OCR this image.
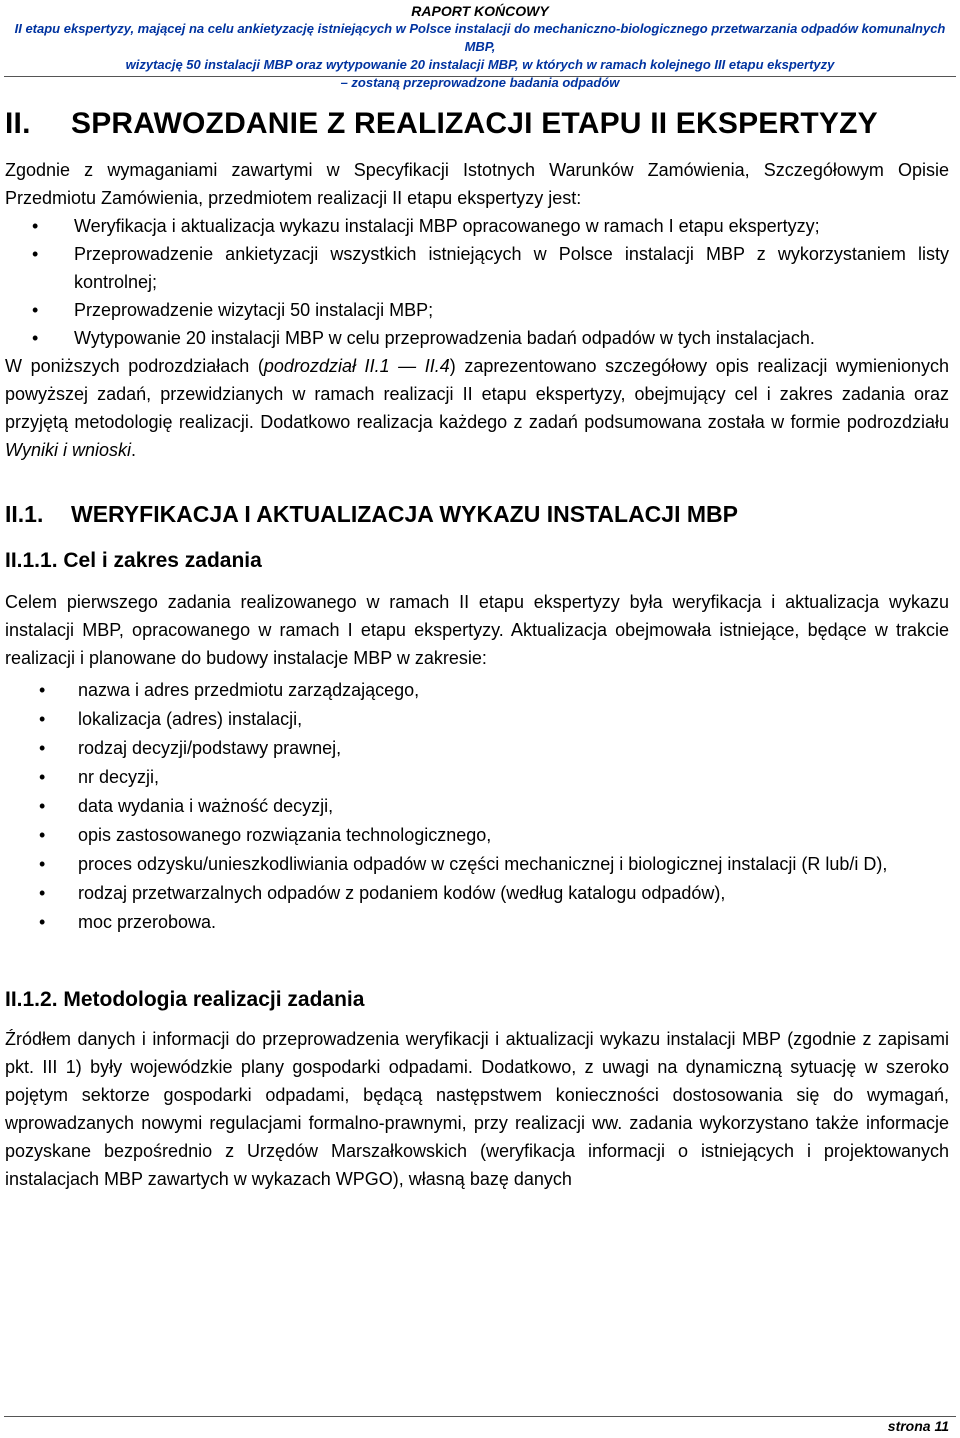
RAPORT KOŃCOWY
II etapu ekspertyzy, mającej na celu ankietyzację istniejących w Polsce instalacji do mechaniczno-biologicznego przetwarzania odpadów komunalnych MBP,
wizytację 50 instalacji MBP oraz wytypowanie 20 instalacji MBP, w których w ramach kolejnego III etapu ekspertyzy
– zostaną przeprowadzone badania odpadów
II. SPRAWOZDANIE Z REALIZACJI ETAPU II EKSPERTYZY

Zgodnie z wymaganiami zawartymi w Specyfikacji Istotnych Warunków Zamówienia, Szczegółowym Opisie Przedmiotu Zamówienia, przedmiotem realizacji II etapu ekspertyzy jest:

• Weryfikacja i aktualizacja wykazu instalacji MBP opracowanego w ramach I etapu ekspertyzy;
• Przeprowadzenie ankietyzacji wszystkich istniejących w Polsce instalacji MBP z wykorzystaniem listy kontrolnej;
• Przeprowadzenie wizytacji 50 instalacji MBP;
• Wytypowanie 20 instalacji MBP w celu przeprowadzenia badań odpadów w tych instalacjach.

W poniższych podrozdziałach (podrozdział II.1 — II.4) zaprezentowano szczegółowy opis realizacji wymienionych powyższej zadań, przewidzianych w ramach realizacji II etapu ekspertyzy, obejmujący cel i zakres zadania oraz przyjętą metodologię realizacji. Dodatkowo realizacja każdego z zadań podsumowana została w formie podrozdziału Wyniki i wnioski.

II.1. WERYFIKACJA I AKTUALIZACJA WYKAZU INSTALACJI MBP
II.1.1. Cel i zakres zadania

Celem pierwszego zadania realizowanego w ramach II etapu ekspertyzy była weryfikacja i aktualizacja wykazu instalacji MBP, opracowanego w ramach I etapu ekspertyzy. Aktualizacja obejmowała istniejące, będące w trakcie realizacji i planowane do budowy instalacje MBP w zakresie:

• nazwa i adres przedmiotu zarządzającego,
• lokalizacja (adres) instalacji,
• rodzaj decyzji/podstawy prawnej,
• nr decyzji,
• data wydania i ważność decyzji,
• opis zastosowanego rozwiązania technologicznego,
• proces odzysku/unieszkodliwiania odpadów w części mechanicznej i biologicznej instalacji (R lub/i D),
• rodzaj przetwarzalnych odpadów z podaniem kodów (według katalogu odpadów),
• moc przerobowa.
II.1.2. Metodologia realizacji zadania

Źródłem danych i informacji do przeprowadzenia weryfikacji i aktualizacji wykazu instalacji MBP (zgodnie z zapisami pkt. III 1) były wojewódzkie plany gospodarki odpadami. Dodatkowo, z uwagi na dynamiczną sytuację w szeroko pojętym sektorze gospodarki odpadami, będącą następstwem konieczności dostosowania się do wymagań, wprowadzanych nowymi regulacjami formalno-prawnymi, przy realizacji ww. zadania wykorzystano także informacje pozyskane bezpośrednio z Urzędów Marszałkowskich (weryfikacja informacji o istniejących i projektowanych instalacjach MBP zawartych w wykazach WPGO), własną bazę danych

strona 11
